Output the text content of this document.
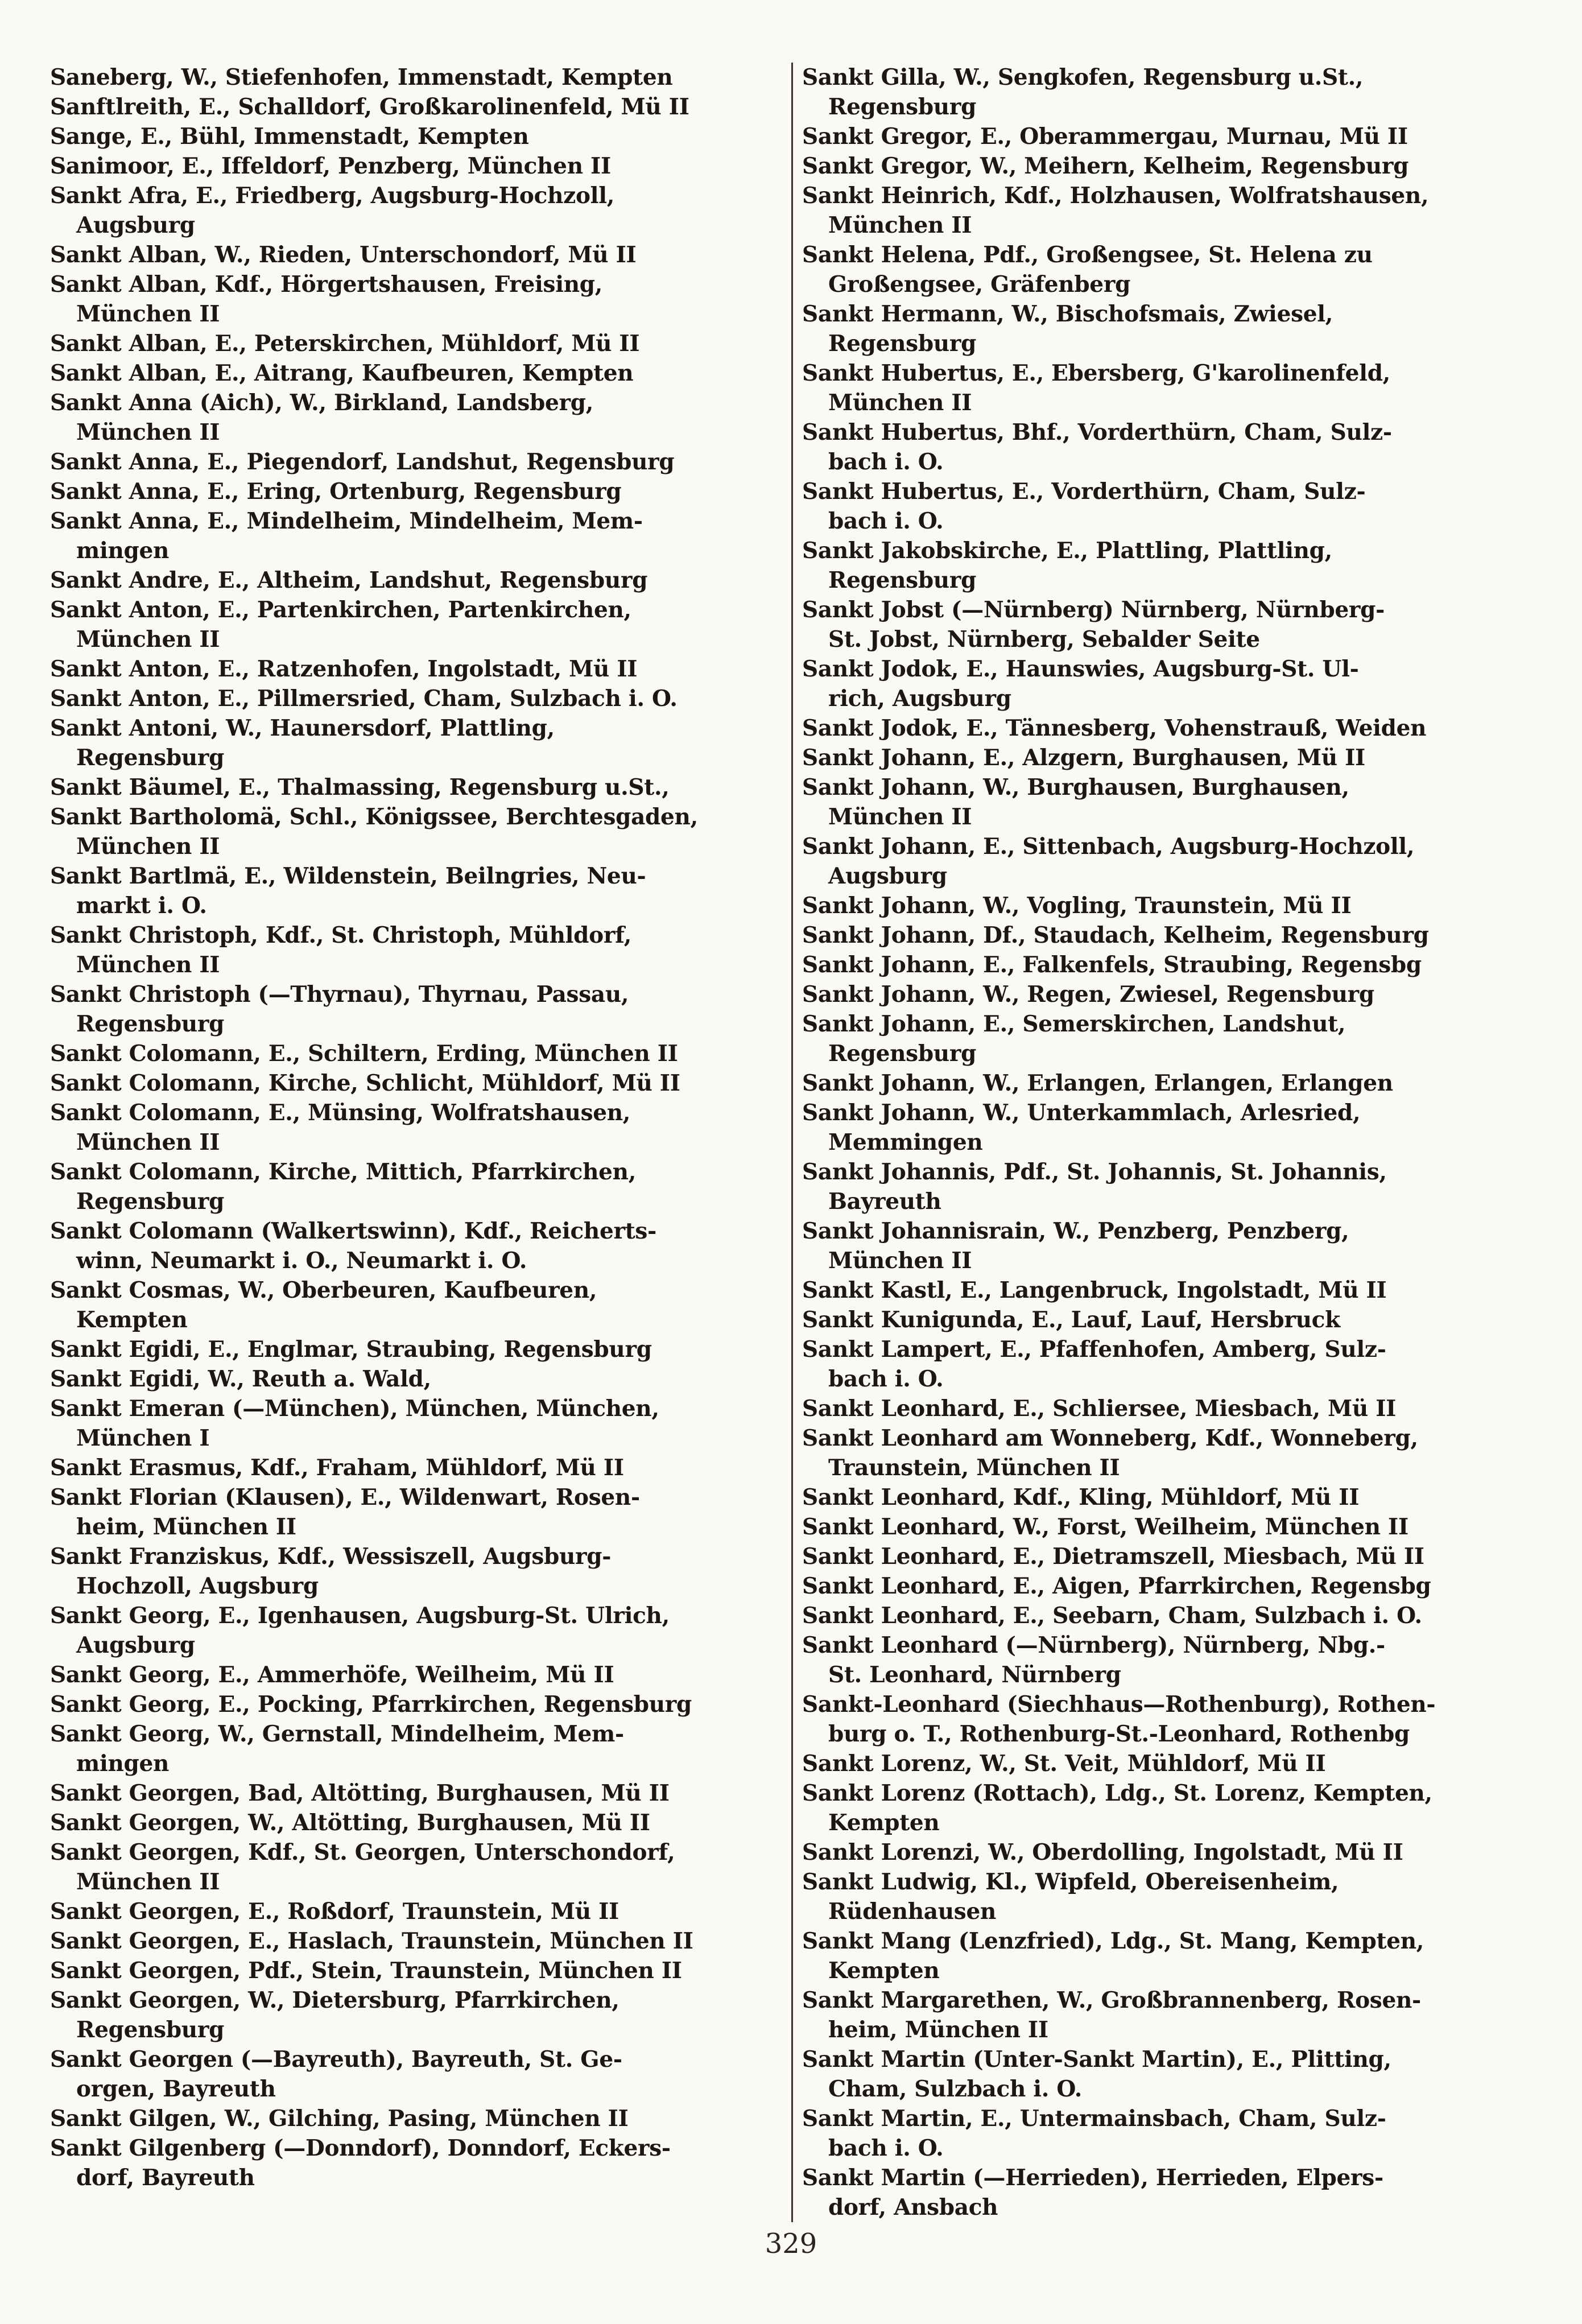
Saneberg, W., Stiefenhofen, Immenstadt, Kempten
Sanftlreith, E., Schalldorf, Großkarolinenfeld, Mü II
Sange, E., Bühl, Immenstadt, Kempten
Sanimoor, E., Iffeldorf, Penzberg, München II
Sankt Afra, E., Friedberg, Augsburg-Hochzoll,
Augsburg
Sankt Alban, W., Rieden, Unterschondorf, Mü II
Sankt Alban, Kdf., Hörgertshausen, Freising,
München II
Sankt Alban, E., Peterskirchen, Mühldorf, Mü II
Sankt Alban, E., Aitrang, Kaufbeuren, Kempten
Sankt Anna (Aich), W., Birkland, Landsberg,
München II
Sankt Anna, E., Piegendorf, Landshut, Regensburg
Sankt Anna, E., Ering, Ortenburg, Regensburg
Sankt Anna, E., Mindelheim, Mindelheim, Mem-
mingen
Sankt Andre, E., Altheim, Landshut, Regensburg
Sankt Anton, E., Partenkirchen, Partenkirchen,
München II
Sankt Anton, E., Ratzenhofen, Ingolstadt, Mü II
Sankt Anton, E., Pillmersried, Cham, Sulzbach i. O.
Sankt Antoni, W., Haunersdorf, Plattling,
Regensburg
Sankt Bäumel, E., Thalmassing, Regensburg u.St.,
Sankt Bartholomä, Schl., Königssee, Berchtesgaden,
München II
Sankt Bartlmä, E., Wildenstein, Beilngries, Neu-
markt i. O.
Sankt Christoph, Kdf., St. Christoph, Mühldorf,
München II
Sankt Christoph (—Thyrnau), Thyrnau, Passau,
Regensburg
Sankt Colomann, E., Schiltern, Erding, München II
Sankt Colomann, Kirche, Schlicht, Mühldorf, Mü II
Sankt Colomann, E., Münsing, Wolfratshausen,
München II
Sankt Colomann, Kirche, Mittich, Pfarrkirchen,
Regensburg
Sankt Colomann (Walkertswinn), Kdf., Reicherts-
winn, Neumarkt i. O., Neumarkt i. O.
Sankt Cosmas, W., Oberbeuren, Kaufbeuren,
Kempten
Sankt Egidi, E., Englmar, Straubing, Regensburg
Sankt Egidi, W., Reuth a. Wald,
Sankt Emeran (—München), München, München,
München I
Sankt Erasmus, Kdf., Fraham, Mühldorf, Mü II
Sankt Florian (Klausen), E., Wildenwart, Rosen-
heim, München II
Sankt Franziskus, Kdf., Wessiszell, Augsburg-
Hochzoll, Augsburg
Sankt Georg, E., Igenhausen, Augsburg-St. Ulrich,
Augsburg
Sankt Georg, E., Ammerhöfe, Weilheim, Mü II
Sankt Georg, E., Pocking, Pfarrkirchen, Regensburg
Sankt Georg, W., Gernstall, Mindelheim, Mem-
mingen
Sankt Georgen, Bad, Altötting, Burghausen, Mü II
Sankt Georgen, W., Altötting, Burghausen, Mü II
Sankt Georgen, Kdf., St. Georgen, Unterschondorf,
München II
Sankt Georgen, E., Roßdorf, Traunstein, Mü II
Sankt Georgen, E., Haslach, Traunstein, München II
Sankt Georgen, Pdf., Stein, Traunstein, München II
Sankt Georgen, W., Dietersburg, Pfarrkirchen,
Regensburg
Sankt Georgen (—Bayreuth), Bayreuth, St. Ge-
orgen, Bayreuth
Sankt Gilgen, W., Gilching, Pasing, München II
Sankt Gilgenberg (—Donndorf), Donndorf, Eckers-
dorf, Bayreuth
Sankt Gilla, W., Sengkofen, Regensburg u.St.,
Regensburg
Sankt Gregor, E., Oberammergau, Murnau, Mü II
Sankt Gregor, W., Meihern, Kelheim, Regensburg
Sankt Heinrich, Kdf., Holzhausen, Wolfratshausen,
München II
Sankt Helena, Pdf., Großengsee, St. Helena zu
Großengsee, Gräfenberg
Sankt Hermann, W., Bischofsmais, Zwiesel,
Regensburg
Sankt Hubertus, E., Ebersberg, G'karolinenfeld,
München II
Sankt Hubertus, Bhf., Vorderthürn, Cham, Sulz-
bach i. O.
Sankt Hubertus, E., Vorderthürn, Cham, Sulz-
bach i. O.
Sankt Jakobskirche, E., Plattling, Plattling,
Regensburg
Sankt Jobst (—Nürnberg) Nürnberg, Nürnberg-
St. Jobst, Nürnberg, Sebalder Seite
Sankt Jodok, E., Haunswies, Augsburg-St. Ul-
rich, Augsburg
Sankt Jodok, E., Tännesberg, Vohenstrauß, Weiden
Sankt Johann, E., Alzgern, Burghausen, Mü II
Sankt Johann, W., Burghausen, Burghausen,
München II
Sankt Johann, E., Sittenbach, Augsburg-Hochzoll,
Augsburg
Sankt Johann, W., Vogling, Traunstein, Mü II
Sankt Johann, Df., Staudach, Kelheim, Regensburg
Sankt Johann, E., Falkenfels, Straubing, Regensbg
Sankt Johann, W., Regen, Zwiesel, Regensburg
Sankt Johann, E., Semerskirchen, Landshut,
Regensburg
Sankt Johann, W., Erlangen, Erlangen, Erlangen
Sankt Johann, W., Unterkammlach, Arlesried,
Memmingen
Sankt Johannis, Pdf., St. Johannis, St. Johannis,
Bayreuth
Sankt Johannisrain, W., Penzberg, Penzberg,
München II
Sankt Kastl, E., Langenbruck, Ingolstadt, Mü II
Sankt Kunigunda, E., Lauf, Lauf, Hersbruck
Sankt Lampert, E., Pfaffenhofen, Amberg, Sulz-
bach i. O.
Sankt Leonhard, E., Schliersee, Miesbach, Mü II
Sankt Leonhard am Wonneberg, Kdf., Wonneberg,
Traunstein, München II
Sankt Leonhard, Kdf., Kling, Mühldorf, Mü II
Sankt Leonhard, W., Forst, Weilheim, München II
Sankt Leonhard, E., Dietramszell, Miesbach, Mü II
Sankt Leonhard, E., Aigen, Pfarrkirchen, Regensbg
Sankt Leonhard, E., Seebarn, Cham, Sulzbach i. O.
Sankt Leonhard (—Nürnberg), Nürnberg, Nbg.-
St. Leonhard, Nürnberg
Sankt-Leonhard (Siechhaus—Rothenburg), Rothen-
burg o. T., Rothenburg-St.-Leonhard, Rothenbg
Sankt Lorenz, W., St. Veit, Mühldorf, Mü II
Sankt Lorenz (Rottach), Ldg., St. Lorenz, Kempten,
Kempten
Sankt Lorenzi, W., Oberdolling, Ingolstadt, Mü II
Sankt Ludwig, Kl., Wipfeld, Obereisenheim,
Rüdenhausen
Sankt Mang (Lenzfried), Ldg., St. Mang, Kempten,
Kempten
Sankt Margarethen, W., Großbrannenberg, Rosen-
heim, München II
Sankt Martin (Unter-Sankt Martin), E., Plitting,
Cham, Sulzbach i. O.
Sankt Martin, E., Untermainsbach, Cham, Sulz-
bach i. O.
Sankt Martin (—Herrieden), Herrieden, Elpers-
dorf, Ansbach
329
